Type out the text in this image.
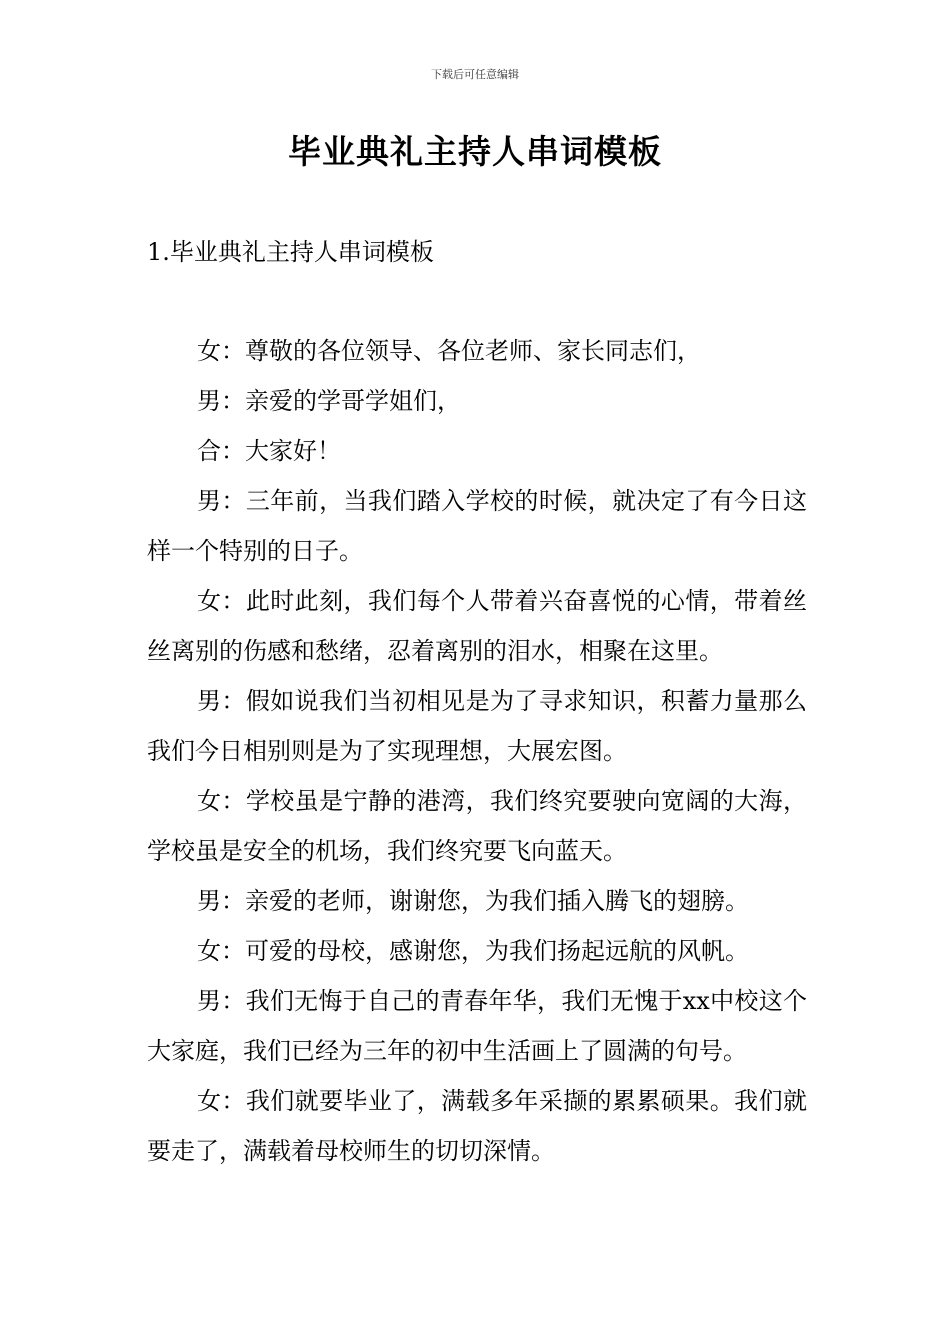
下载后可任意编辑
毕业典礼主持人串词模板
1.毕业典礼主持人串词模板

女：尊敬的各位领导、各位老师、家长同志们，

男：亲爱的学哥学姐们，

合：大家好！

男：三年前，当我们踏入学校的时候，就决定了有今日这样一个特别的日子。

女：此时此刻，我们每个人带着兴奋喜悦的心情，带着丝丝离别的伤感和愁绪，忍着离别的泪水，相聚在这里。

男：假如说我们当初相见是为了寻求知识，积蓄力量那么我们今日相别则是为了实现理想，大展宏图。

女：学校虽是宁静的港湾，我们终究要驶向宽阔的大海，学校虽是安全的机场，我们终究要飞向蓝天。

男：亲爱的老师，谢谢您，为我们插入腾飞的翅膀。

女：可爱的母校，感谢您，为我们扬起远航的风帆。

男：我们无悔于自己的青春年华，我们无愧于xx中校这个大家庭，我们已经为三年的初中生活画上了圆满的句号。

女：我们就要毕业了，满载多年采撷的累累硕果。我们就要走了，满载着母校师生的切切深情。
